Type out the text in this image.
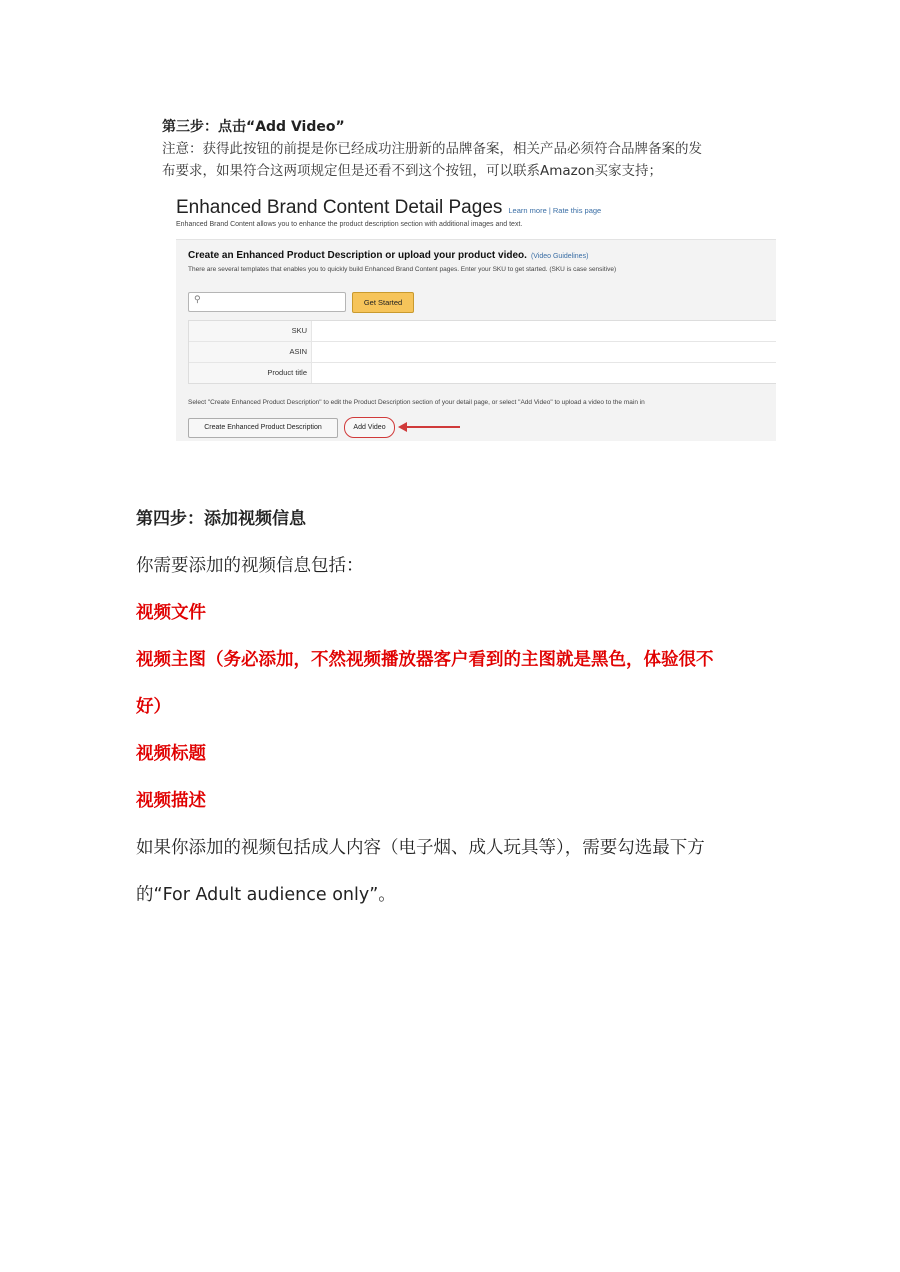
第三步：点击“Add Video”

注意：获得此按钮的前提是你已经成功注册新的品牌备案，相关产品必须符合品牌备案的发

布要求，如果符合这两项规定但是还看不到这个按钮，可以联系Amazon买家支持；

Enhanced Brand Content Detail Pages Learn more | Rate this page
Enhanced Brand Content allows you to enhance the product description section with additional images and text.
Create an Enhanced Product Description or upload your product video. (Video Guidelines)
There are several templates that enables you to quickly build Enhanced Brand Content pages. Enter your SKU to get started. (SKU is case sensitive)
⚲	Get Started
SKU
ASIN
Product title
Select "Create Enhanced Product Description" to edit the Product Description section of your detail page, or select "Add Video" to upload a video to the main in
Create Enhanced Product Description	Add Video

第四步：添加视频信息

你需要添加的视频信息包括：

视频文件

视频主图（务必添加，不然视频播放器客户看到的主图就是黑色，体验很不

好）

视频标题

视频描述

如果你添加的视频包括成人内容（电子烟、成人玩具等），需要勾选最下方

的“For Adult audience only”。
